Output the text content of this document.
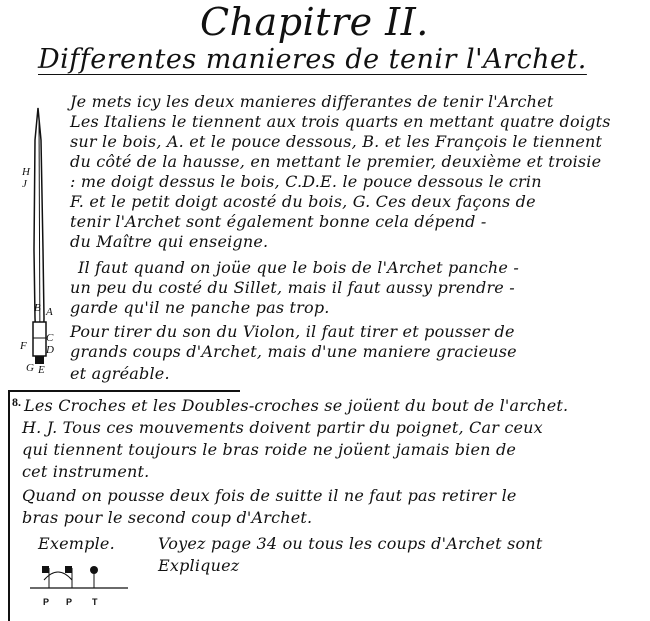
Chapitre II.
Differentes manieres de tenir l'Archet.
H
J
B A
C
D
F
G E
Je mets icy les deux manieres differantes de tenir l'Archet
Les Italiens le tiennent aux trois quarts en mettant quatre doigts
sur le bois, A. et le pouce dessous, B. et les François le tiennent
du côté de la hausse, en mettant le premier, deuxième et troisie
: me doigt dessus le bois, C.D.E. le pouce dessous le crin
F. et le petit doigt acosté du bois, G. Ces deux façons de
tenir l'Archet sont également bonne cela dépend -
du Maître qui enseigne.
Il faut quand on joüe que le bois de l'Archet panche -
un peu du costé du Sillet, mais il faut aussy prendre -
garde qu'il ne panche pas trop.
Pour tirer du son du Violon, il faut tirer et pousser de
grands coups d'Archet, mais d'une maniere gracieuse
et agréable.
8. Les Croches et les Doubles-croches se joüent du bout de l'archet.
H. J. Tous ces mouvements doivent partir du poignet, Car ceux
qui tiennent toujours le bras roide ne joüent jamais bien de
cet instrument.
Quand on pousse deux fois de suitte il ne faut pas retirer le
bras pour le second coup d'Archet.
Exemple.	Voyez page 34 ou tous les coups d'Archet sont
Expliquez
P P T
